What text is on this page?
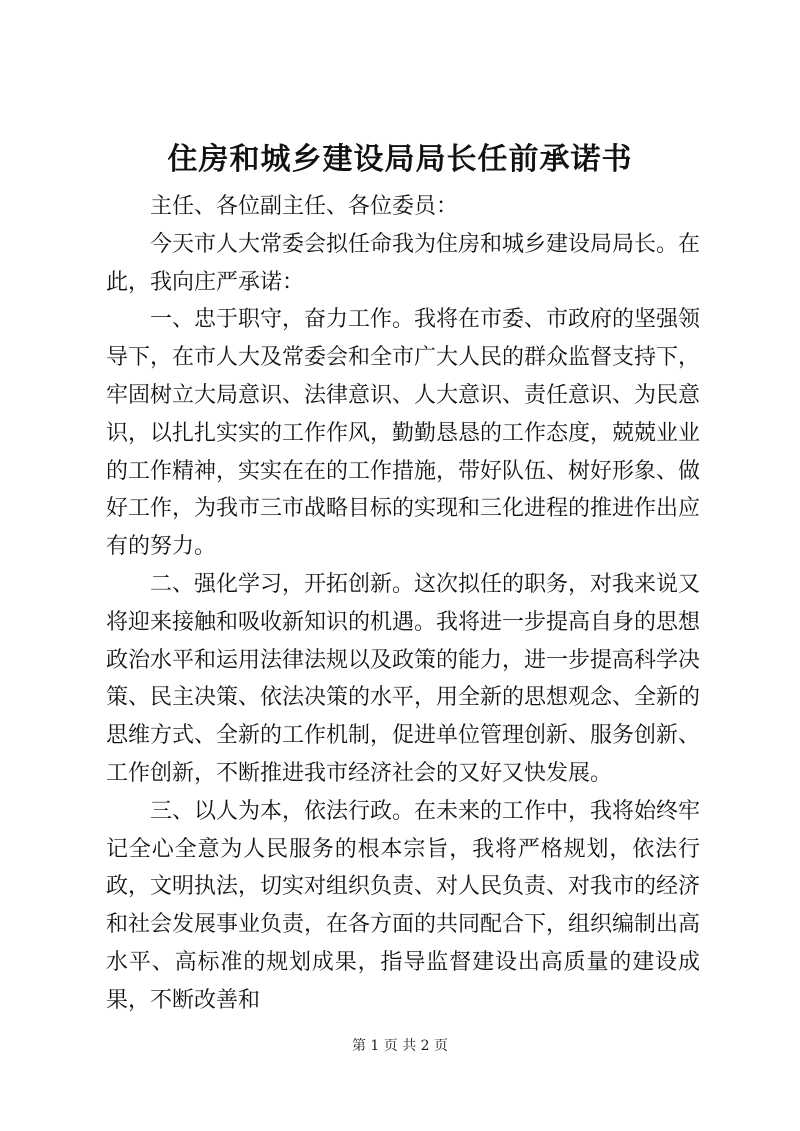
住房和城乡建设局局长任前承诺书

主任、各位副主任、各位委员：

今天市人大常委会拟任命我为住房和城乡建设局局长。在此，我向庄严承诺：

一、忠于职守，奋力工作。我将在市委、市政府的坚强领导下，在市人大及常委会和全市广大人民的群众监督支持下，牢固树立大局意识、法律意识、人大意识、责任意识、为民意识，以扎扎实实的工作作风，勤勤恳恳的工作态度，兢兢业业的工作精神，实实在在的工作措施，带好队伍、树好形象、做好工作，为我市三市战略目标的实现和三化进程的推进作出应有的努力。

二、强化学习，开拓创新。这次拟任的职务，对我来说又将迎来接触和吸收新知识的机遇。我将进一步提高自身的思想政治水平和运用法律法规以及政策的能力，进一步提高科学决策、民主决策、依法决策的水平，用全新的思想观念、全新的思维方式、全新的工作机制，促进单位管理创新、服务创新、工作创新，不断推进我市经济社会的又好又快发展。

三、以人为本，依法行政。在未来的工作中，我将始终牢记全心全意为人民服务的根本宗旨，我将严格规划，依法行政，文明执法，切实对组织负责、对人民负责、对我市的经济和社会发展事业负责，在各方面的共同配合下，组织编制出高水平、高标准的规划成果，指导监督建设出高质量的建设成果，不断改善和

第 1 页 共 2 页
